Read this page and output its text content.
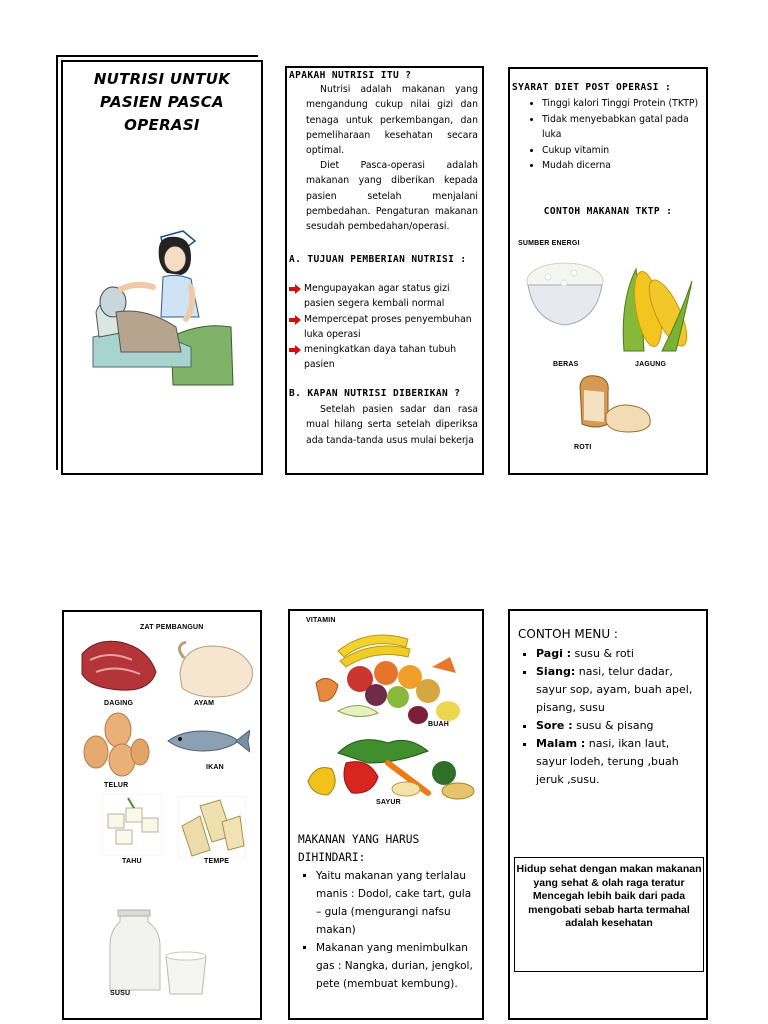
NUTRISI UNTUK PASIEN PASCA OPERASI
APAKAH NUTRISI ITU ?
Nutrisi adalah makanan yang mengandung cukup nilai gizi dan tenaga untuk perkembangan, dan pemeliharaan kesehatan secara optimal.
Diet Pasca-operasi adalah makanan yang diberikan kepada pasien setelah menjalani pembedahan. Pengaturan makanan sesudah pembedahan/operasi.
A. TUJUAN PEMBERIAN NUTRISI :
Mengupayakan agar status gizi pasien segera kembali normal
Mempercepat proses penyembuhan luka operasi
meningkatkan daya tahan tubuh pasien
B. KAPAN NUTRISI DIBERIKAN ?
Setelah pasien sadar dan rasa mual hilang serta setelah diperiksa ada tanda-tanda usus mulai bekerja
SYARAT DIET POST OPERASI :
• Tinggi kalori Tinggi Protein (TKTP)
• Tidak menyebabkan gatal pada luka
• Cukup vitamin
• Mudah dicerna
CONTOH MAKANAN TKTP :
SUMBER ENERGI
BERAS	JAGUNG
ROTI
ZAT PEMBANGUN
DAGING	AYAM
TELUR
IKAN
TAHU	TEMPE
SUSU
VITAMIN
BUAH
SAYUR
MAKANAN YANG HARUS DIHINDARI:
▪ Yaitu makanan yang terlalau manis : Dodol, cake tart, gula – gula (mengurangi nafsu makan)
▪ Makanan yang menimbulkan gas : Nangka, durian, jengkol, pete (membuat kembung).
CONTOH MENU :
▪ Pagi : susu & roti
▪ Siang: nasi, telur dadar, sayur sop, ayam, buah apel, pisang, susu
▪ Sore : susu & pisang
▪ Malam : nasi, ikan laut, sayur lodeh, terung ,buah jeruk ,susu.
Hidup sehat dengan makan makanan yang sehat & olah raga teratur
Mencegah lebih baik dari pada mengobati sebab harta termahal adalah kesehatan
